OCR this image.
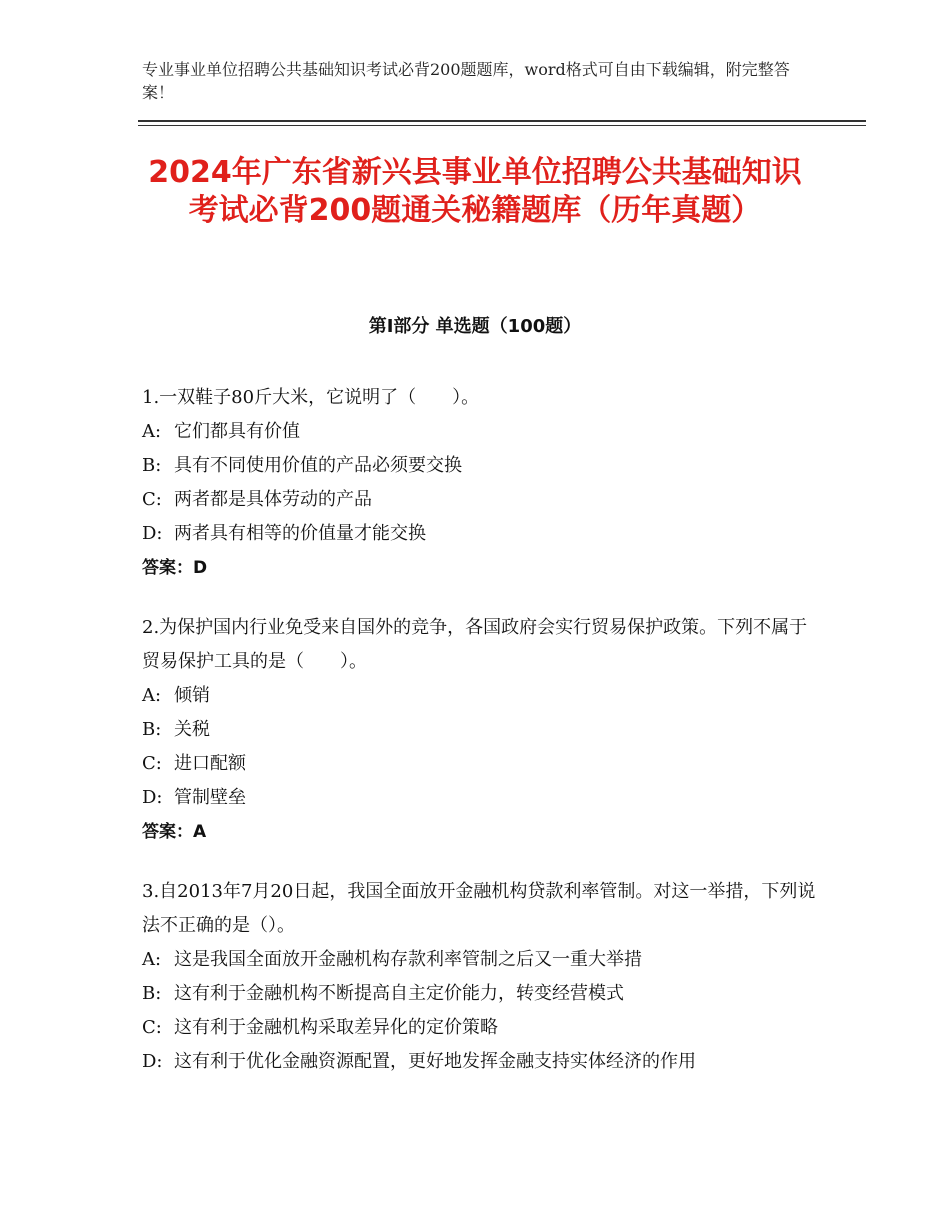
专业事业单位招聘公共基础知识考试必背200题题库，word格式可自由下载编辑，附完整答案！
2024年广东省新兴县事业单位招聘公共基础知识考试必背200题通关秘籍题库（历年真题）
第Ⅰ部分 单选题（100题）

1.一双鞋子80斤大米，它说明了（　　）。

A: 它们都具有价值

B: 具有不同使用价值的产品必须要交换

C: 两者都是具体劳动的产品

D: 两者具有相等的价值量才能交换

答案：D

2.为保护国内行业免受来自国外的竞争，各国政府会实行贸易保护政策。下列不属于贸易保护工具的是（　　）。

A: 倾销

B: 关税

C: 进口配额

D: 管制壁垒

答案：A

3.自2013年7月20日起，我国全面放开金融机构贷款利率管制。对这一举措，下列说法不正确的是（）。

A: 这是我国全面放开金融机构存款利率管制之后又一重大举措

B: 这有利于金融机构不断提高自主定价能力，转变经营模式

C: 这有利于金融机构采取差异化的定价策略

D: 这有利于优化金融资源配置，更好地发挥金融支持实体经济的作用
